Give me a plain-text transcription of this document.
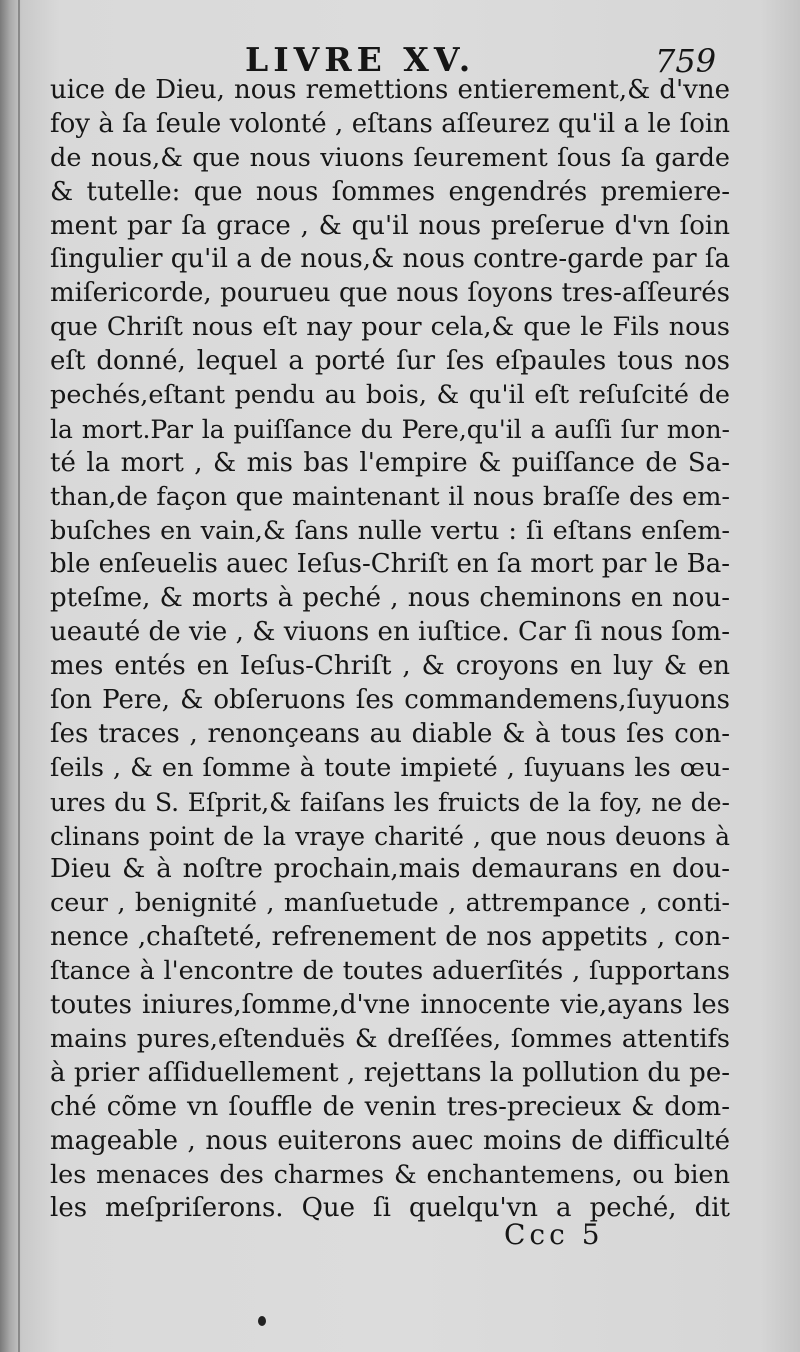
LIVRE XV.	759
uice de Dieu, nous remettions entierement,& d'vne
foy à ſa ſeule volonté , eſtans aſſeurez qu'il a le ſoin
de nous,& que nous viuons ſeurement ſous ſa garde
& tutelle: que nous ſommes engendrés premiere-
ment par ſa grace , & qu'il nous preſerue d'vn ſoin
ſingulier qu'il a de nous,& nous contre-garde par ſa
miſericorde, pourueu que nous ſoyons tres-aſſeurés
que Chriſt nous eſt nay pour cela,& que le Fils nous
eſt donné, lequel a porté ſur ſes eſpaules tous nos
pechés,eſtant pendu au bois, & qu'il eſt reſuſcité de
la mort.Par la puiſſance du Pere,qu'il a auſſi ſur mon-
té la mort , & mis bas l'empire & puiſſance de Sa-
than,de façon que maintenant il nous braſſe des em-
buſches en vain,& ſans nulle vertu : ſi eſtans enſem-
ble enſeuelis auec Ieſus-Chriſt en ſa mort par le Ba-
pteſme, & morts à peché , nous cheminons en nou-
ueauté de vie , & viuons en iuſtice. Car ſi nous ſom-
mes entés en Ieſus-Chriſt , & croyons en luy & en
ſon Pere, & obſeruons ſes commandemens,ſuyuons
ſes traces , renonçeans au diable & à tous ſes con-
ſeils , & en ſomme à toute impieté , ſuyuans les œu-
ures du S. Eſprit,& faiſans les fruicts de la foy, ne de-
clinans point de la vraye charité , que nous deuons à
Dieu & à noſtre prochain,mais demaurans en dou-
ceur , benignité , manſuetude , attrempance , conti-
nence ,chaſteté, refrenement de nos appetits , con-
ſtance à l'encontre de toutes aduerſités , ſupportans
toutes iniures,ſomme,d'vne innocente vie,ayans les
mains pures,eſtenduës & dreſſées, ſommes attentifs
à prier aſſiduellement , rejettans la pollution du pe-
ché cõme vn ſouffle de venin tres-precieux & dom-
mageable , nous euiterons auec moins de difficulté
les menaces des charmes & enchantemens, ou bien
les meſpriſerons. Que ſi quelqu'vn a peché, dit
Ccc 5
